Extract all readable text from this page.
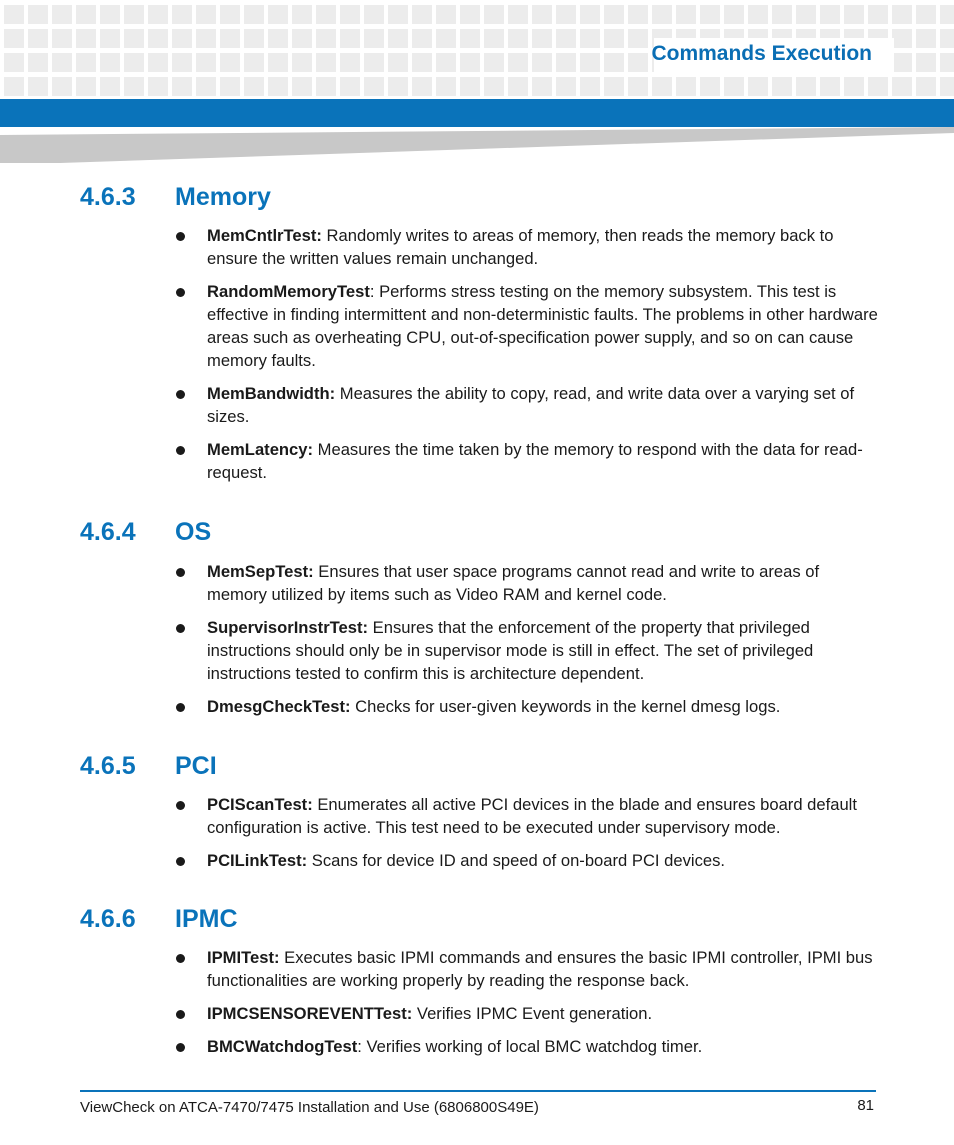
Commands Execution
4.6.3 Memory
MemCntlrTest: Randomly writes to areas of memory, then reads the memory back to ensure the written values remain unchanged.
RandomMemoryTest: Performs stress testing on the memory subsystem. This test is effective in finding intermittent and non-deterministic faults. The problems in other hardware areas such as overheating CPU, out-of-specification power supply, and so on can cause memory faults.
MemBandwidth: Measures the ability to copy, read, and write data over a varying set of sizes.
MemLatency: Measures the time taken by the memory to respond with the data for read-request.
4.6.4 OS
MemSepTest: Ensures that user space programs cannot read and write to areas of memory utilized by items such as Video RAM and kernel code.
SupervisorInstrTest: Ensures that the enforcement of the property that privileged instructions should only be in supervisor mode is still in effect. The set of privileged instructions tested to confirm this is architecture dependent.
DmesgCheckTest: Checks for user-given keywords in the kernel dmesg logs.
4.6.5 PCI
PCIScanTest: Enumerates all active PCI devices in the blade and ensures board default configuration is active. This test need to be executed under supervisory mode.
PCILinkTest: Scans for device ID and speed of on-board PCI devices.
4.6.6 IPMC
IPMITest: Executes basic IPMI commands and ensures the basic IPMI controller, IPMI bus functionalities are working properly by reading the response back.
IPMCSENSOREVENTTest: Verifies IPMC Event generation.
BMCWatchdogTest: Verifies working of local BMC watchdog timer.
ViewCheck on ATCA-7470/7475 Installation and Use (6806800S49E)	81
